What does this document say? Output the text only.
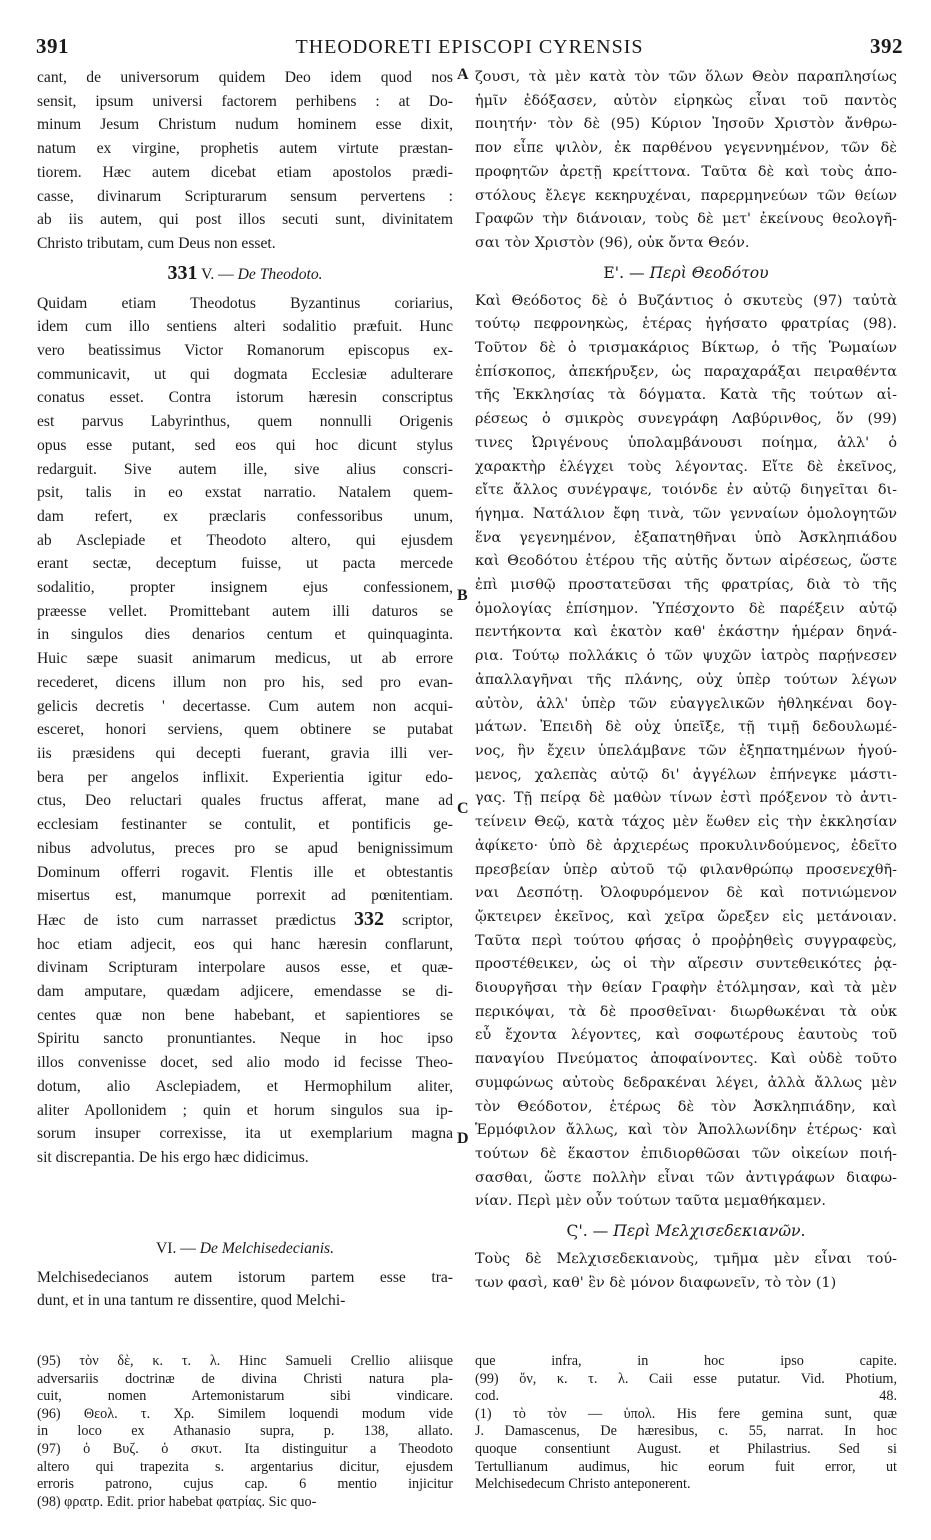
391	THEODORETI EPISCOPI CYRENSIS	392
A
B
C
D

cant, de universorum quidem Deo idem quod nos
sensit, ipsum universi factorem perhibens : at Do-
minum Jesum Christum nudum hominem esse dixit,
natum ex virgine, prophetis autem virtute præstan-
tiorem. Hæc autem dicebat etiam apostolos prædi-
casse, divinarum Scripturarum sensum pervertens :
ab iis autem, qui post illos secuti sunt, divinitatem
Christo tributam, cum Deus non esset.

331 V. — De Theodoto.

Quidam etiam Theodotus Byzantinus coriarius,
idem cum illo sentiens alteri sodalitio præfuit. Hunc
vero beatissimus Victor Romanorum episcopus ex-
communicavit, ut qui dogmata Ecclesiæ adulterare
conatus esset. Contra istorum hæresin conscriptus
est parvus Labyrinthus, quem nonnulli Origenis
opus esse putant, sed eos qui hoc dicunt stylus
redarguit. Sive autem ille, sive alius conscri-
psit, talis in eo exstat narratio. Natalem quem-
dam refert, ex præclaris confessoribus unum,
ab Asclepiade et Theodoto altero, qui ejusdem
erant sectæ, deceptum fuisse, ut pacta mercede
sodalitio, propter insignem ejus confessionem,
præesse vellet. Promittebant autem illi daturos se
in singulos dies denarios centum et quinquaginta.
Huic sæpe suasit animarum medicus, ut ab errore
recederet, dicens illum non pro his, sed pro evan-
gelicis decretis ' decertasse. Cum autem non acqui-
esceret, honori serviens, quem obtinere se putabat
iis præsidens qui decepti fuerant, gravia illi ver-
bera per angelos inflixit. Experientia igitur edo-
ctus, Deo reluctari quales fructus afferat, mane ad
ecclesiam festinanter se contulit, et pontificis ge-
nibus advolutus, preces pro se apud benignissimum
Dominum offerri rogavit. Flentis ille et obtestantis
misertus est, manumque porrexit ad pœnitentiam.

Hæc de isto cum narrasset prædictus 332 scriptor,

hoc etiam adjecit, eos qui hanc hæresin conflarunt,
divinam Scripturam interpolare ausos esse, et quæ-
dam amputare, quædam adjicere, emendasse se di-
centes quæ non bene habebant, et sapientiores se
Spiritu sancto pronuntiantes. Neque in hoc ipso
illos convenisse docet, sed alio modo id fecisse Theo-
dotum, alio Asclepiadem, et Hermophilum aliter,
aliter Apollonidem ; quin et horum singulos sua ip-
sorum insuper correxisse, ita ut exemplarium magna
sit discrepantia. De his ergo hæc didicimus.

VI. — De Melchisedecianis.

Melchisedecianos autem istorum partem esse tra-
dunt, et in una tantum re dissentire, quod Melchi-

ζουσι, τὰ μὲν κατὰ τὸν τῶν ὅλων Θεὸν παραπλησίως
ἡμῖν ἐδόξασεν, αὐτὸν εἰρηκὼς εἶναι τοῦ παντὸς
ποιητήν· τὸν δὲ (95) Κύριον Ἰησοῦν Χριστὸν ἄνθρω-
πον εἶπε ψιλὸν, ἐκ παρθένου γεγεννημένον, τῶν δὲ
προφητῶν ἀρετῇ κρείττονα. Ταῦτα δὲ καὶ τοὺς ἀπο-
στόλους ἔλεγε κεκηρυχέναι, παρερμηνεύων τῶν θείων
Γραφῶν τὴν διάνοιαν, τοὺς δὲ μετ' ἐκείνους θεολογῆ-
σαι τὸν Χριστὸν (96), οὐκ ὄντα Θεόν.

Ε'. — Περὶ Θεοδότου

Καὶ Θεόδοτος δὲ ὁ Βυζάντιος ὁ σκυτεὺς (97) ταὐτὰ
τούτῳ πεφρονηκὼς, ἑτέρας ἡγήσατο φρατρίας (98).
Τοῦτον δὲ ὁ τρισμακάριος Βίκτωρ, ὁ τῆς Ῥωμαίων
ἐπίσκοπος, ἀπεκήρυξεν, ὡς παραχαράξαι πειραθέντα
τῆς Ἐκκλησίας τὰ δόγματα. Κατὰ τῆς τούτων αἱ-
ρέσεως ὁ σμικρὸς συνεγράφη Λαβύρινθος, ὅν (99)
τινες Ὠριγένους ὑπολαμβάνουσι ποίημα, ἀλλ' ὁ
χαρακτὴρ ἐλέγχει τοὺς λέγοντας. Εἴτε δὲ ἐκεῖνος,
εἴτε ἄλλος συνέγραψε, τοιόνδε ἐν αὐτῷ διηγεῖται δι-
ήγημα. Νατάλιον ἔφη τινὰ, τῶν γενναίων ὁμολογητῶν
ἕνα γεγενημένον, ἐξαπατηθῆναι ὑπὸ Ἀσκληπιάδου
καὶ Θεοδότου ἑτέρου τῆς αὐτῆς ὄντων αἱρέσεως, ὥστε
ἐπὶ μισθῷ προστατεῦσαι τῆς φρατρίας, διὰ τὸ τῆς
ὁμολογίας ἐπίσημον. Ὑπέσχοντο δὲ παρέξειν αὐτῷ
πεντήκοντα καὶ ἑκατὸν καθ' ἑκάστην ἡμέραν δηνά-
ρια. Τούτῳ πολλάκις ὁ τῶν ψυχῶν ἰατρὸς παρῄνεσεν
ἀπαλλαγῆναι τῆς πλάνης, οὐχ ὑπὲρ τούτων λέγων
αὐτὸν, ἀλλ' ὑπὲρ τῶν εὐαγγελικῶν ἠθληκέναι δογ-
μάτων. Ἐπειδὴ δὲ οὐχ ὑπεῖξε, τῇ τιμῇ δεδουλωμέ-
νος, ἣν ἔχειν ὑπελάμβανε τῶν ἐξηπατημένων ἡγού-
μενος, χαλεπὰς αὐτῷ δι' ἀγγέλων ἐπήνεγκε μάστι-
γας. Τῇ πείρᾳ δὲ μαθὼν τίνων ἐστὶ πρόξενον τὸ ἀντι-
τείνειν Θεῷ, κατὰ τάχος μὲν ἕωθεν εἰς τὴν ἐκκλησίαν
ἀφίκετο· ὑπὸ δὲ ἀρχιερέως προκυλινδούμενος, ἐδεῖτο
πρεσβείαν ὑπὲρ αὐτοῦ τῷ φιλανθρώπῳ προσενεχθῆ-
ναι Δεσπότῃ. Ὀλοφυρόμενον δὲ καὶ ποτνιώμενον
ᾤκτειρεν ἐκεῖνος, καὶ χεῖρα ὤρεξεν εἰς μετάνοιαν.
Ταῦτα περὶ τούτου φήσας ὁ προῤῥηθεὶς συγγραφεὺς,
προστέθεικεν, ὡς οἱ τὴν αἵρεσιν συντεθεικότες ῥᾳ-
διουργῆσαι τὴν θείαν Γραφὴν ἐτόλμησαν, καὶ τὰ μὲν
περικόψαι, τὰ δὲ προσθεῖναι· διωρθωκέναι τὰ οὐκ
εὖ ἔχοντα λέγοντες, καὶ σοφωτέρους ἑαυτοὺς τοῦ
παναγίου Πνεύματος ἀποφαίνοντες. Καὶ οὐδὲ τοῦτο
συμφώνως αὐτοὺς δεδρακέναι λέγει, ἀλλὰ ἄλλως μὲν
τὸν Θεόδοτον, ἑτέρως δὲ τὸν Ἀσκληπιάδην, καὶ
Ἑρμόφιλον ἄλλως, καὶ τὸν Ἀπολλωνίδην ἑτέρως· καὶ
τούτων δὲ ἕκαστον ἐπιδιορθῶσαι τῶν οἰκείων ποιή-
σασθαι, ὥστε πολλὴν εἶναι τῶν ἀντιγράφων διαφω-
νίαν. Περὶ μὲν οὖν τούτων ταῦτα μεμαθήκαμεν.

Ϛ'. — Περὶ Μελχισεδεκιανῶν.

Τοὺς δὲ Μελχισεδεκιανοὺς, τμῆμα μὲν εἶναι τού-
των φασὶ, καθ' ἓν δὲ μόνον διαφωνεῖν, τὸ τὸν (1)

(95) τὸν δὲ, κ. τ. λ. Hinc Samueli Crellio aliisque
adversariis doctrinæ de divina Christi natura pla-
cuit, nomen Artemonistarum sibi vindicare.
(96) Θεολ. τ. Χρ. Similem loquendi modum vide
in loco ex Athanasio supra, p. 138, allato.
(97) ὁ Βυζ. ὁ σκυτ. Ita distinguitur a Theodoto
altero qui trapezita s. argentarius dicitur, ejusdem
erroris patrono, cujus cap. 6 mentio injicitur
(98) φρατρ. Edit. prior habebat φατρίας. Sic quo-
que infra, in hoc ipso capite.
(99) ὅν, κ. τ. λ. Caii esse putatur. Vid. Photium,
cod. 48.
(1) τὸ τὸν — ὑπολ. His fere gemina sunt, quæ
J. Damascenus, De hæresibus, c. 55, narrat. In hoc
quoque consentiunt August. et Philastrius. Sed si
Tertullianum audimus, hic eorum fuit error, ut
Melchisedecum Christo anteponerent.
